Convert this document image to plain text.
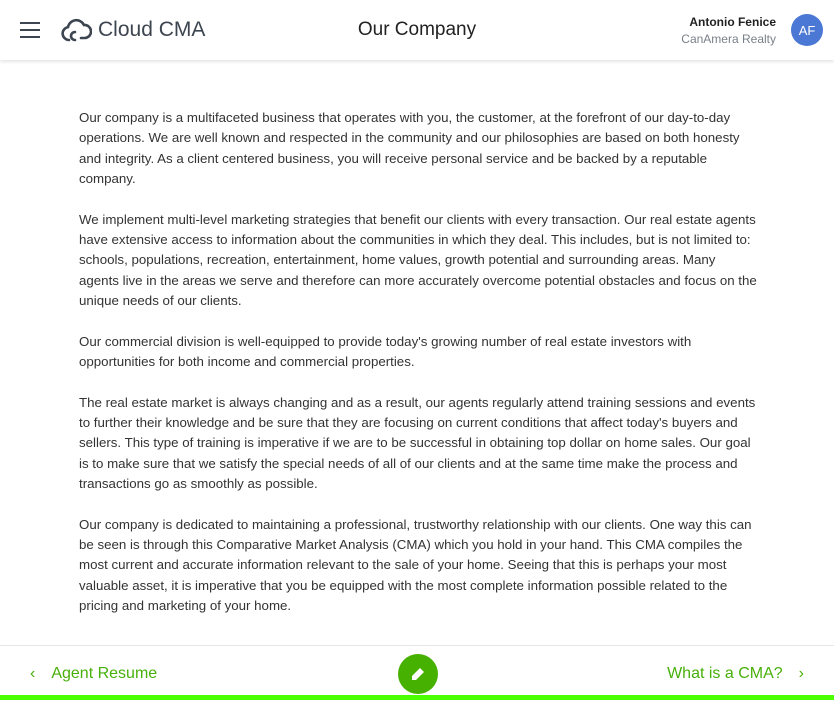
Cloud CMA	Our Company	Antonio Fenice
CanAmera Realty
AF

Our company is a multifaceted business that operates with you, the customer, at the forefront of our day-to-day operations. We are well known and respected in the community and our philosophies are based on both honesty and integrity. As a client centered business, you will receive personal service and be backed by a reputable company.

We implement multi-level marketing strategies that benefit our clients with every transaction. Our real estate agents have extensive access to information about the communities in which they deal. This includes, but is not limited to: schools, populations, recreation, entertainment, home values, growth potential and surrounding areas. Many agents live in the areas we serve and therefore can more accurately overcome potential obstacles and focus on the unique needs of our clients.

Our commercial division is well-equipped to provide today's growing number of real estate investors with opportunities for both income and commercial properties.

The real estate market is always changing and as a result, our agents regularly attend training sessions and events to further their knowledge and be sure that they are focusing on current conditions that affect today's buyers and sellers. This type of training is imperative if we are to be successful in obtaining top dollar on home sales. Our goal is to make sure that we satisfy the special needs of all of our clients and at the same time make the process and transactions go as smoothly as possible.

Our company is dedicated to maintaining a professional, trustworthy relationship with our clients. One way this can be seen is through this Comparative Market Analysis (CMA) which you hold in your hand. This CMA compiles the most current and accurate information relevant to the sale of your home. Seeing that this is perhaps your most valuable asset, it is imperative that you be equipped with the most complete information possible related to the pricing and marketing of your home.

‹ Agent Resume	What is a CMA? ›
